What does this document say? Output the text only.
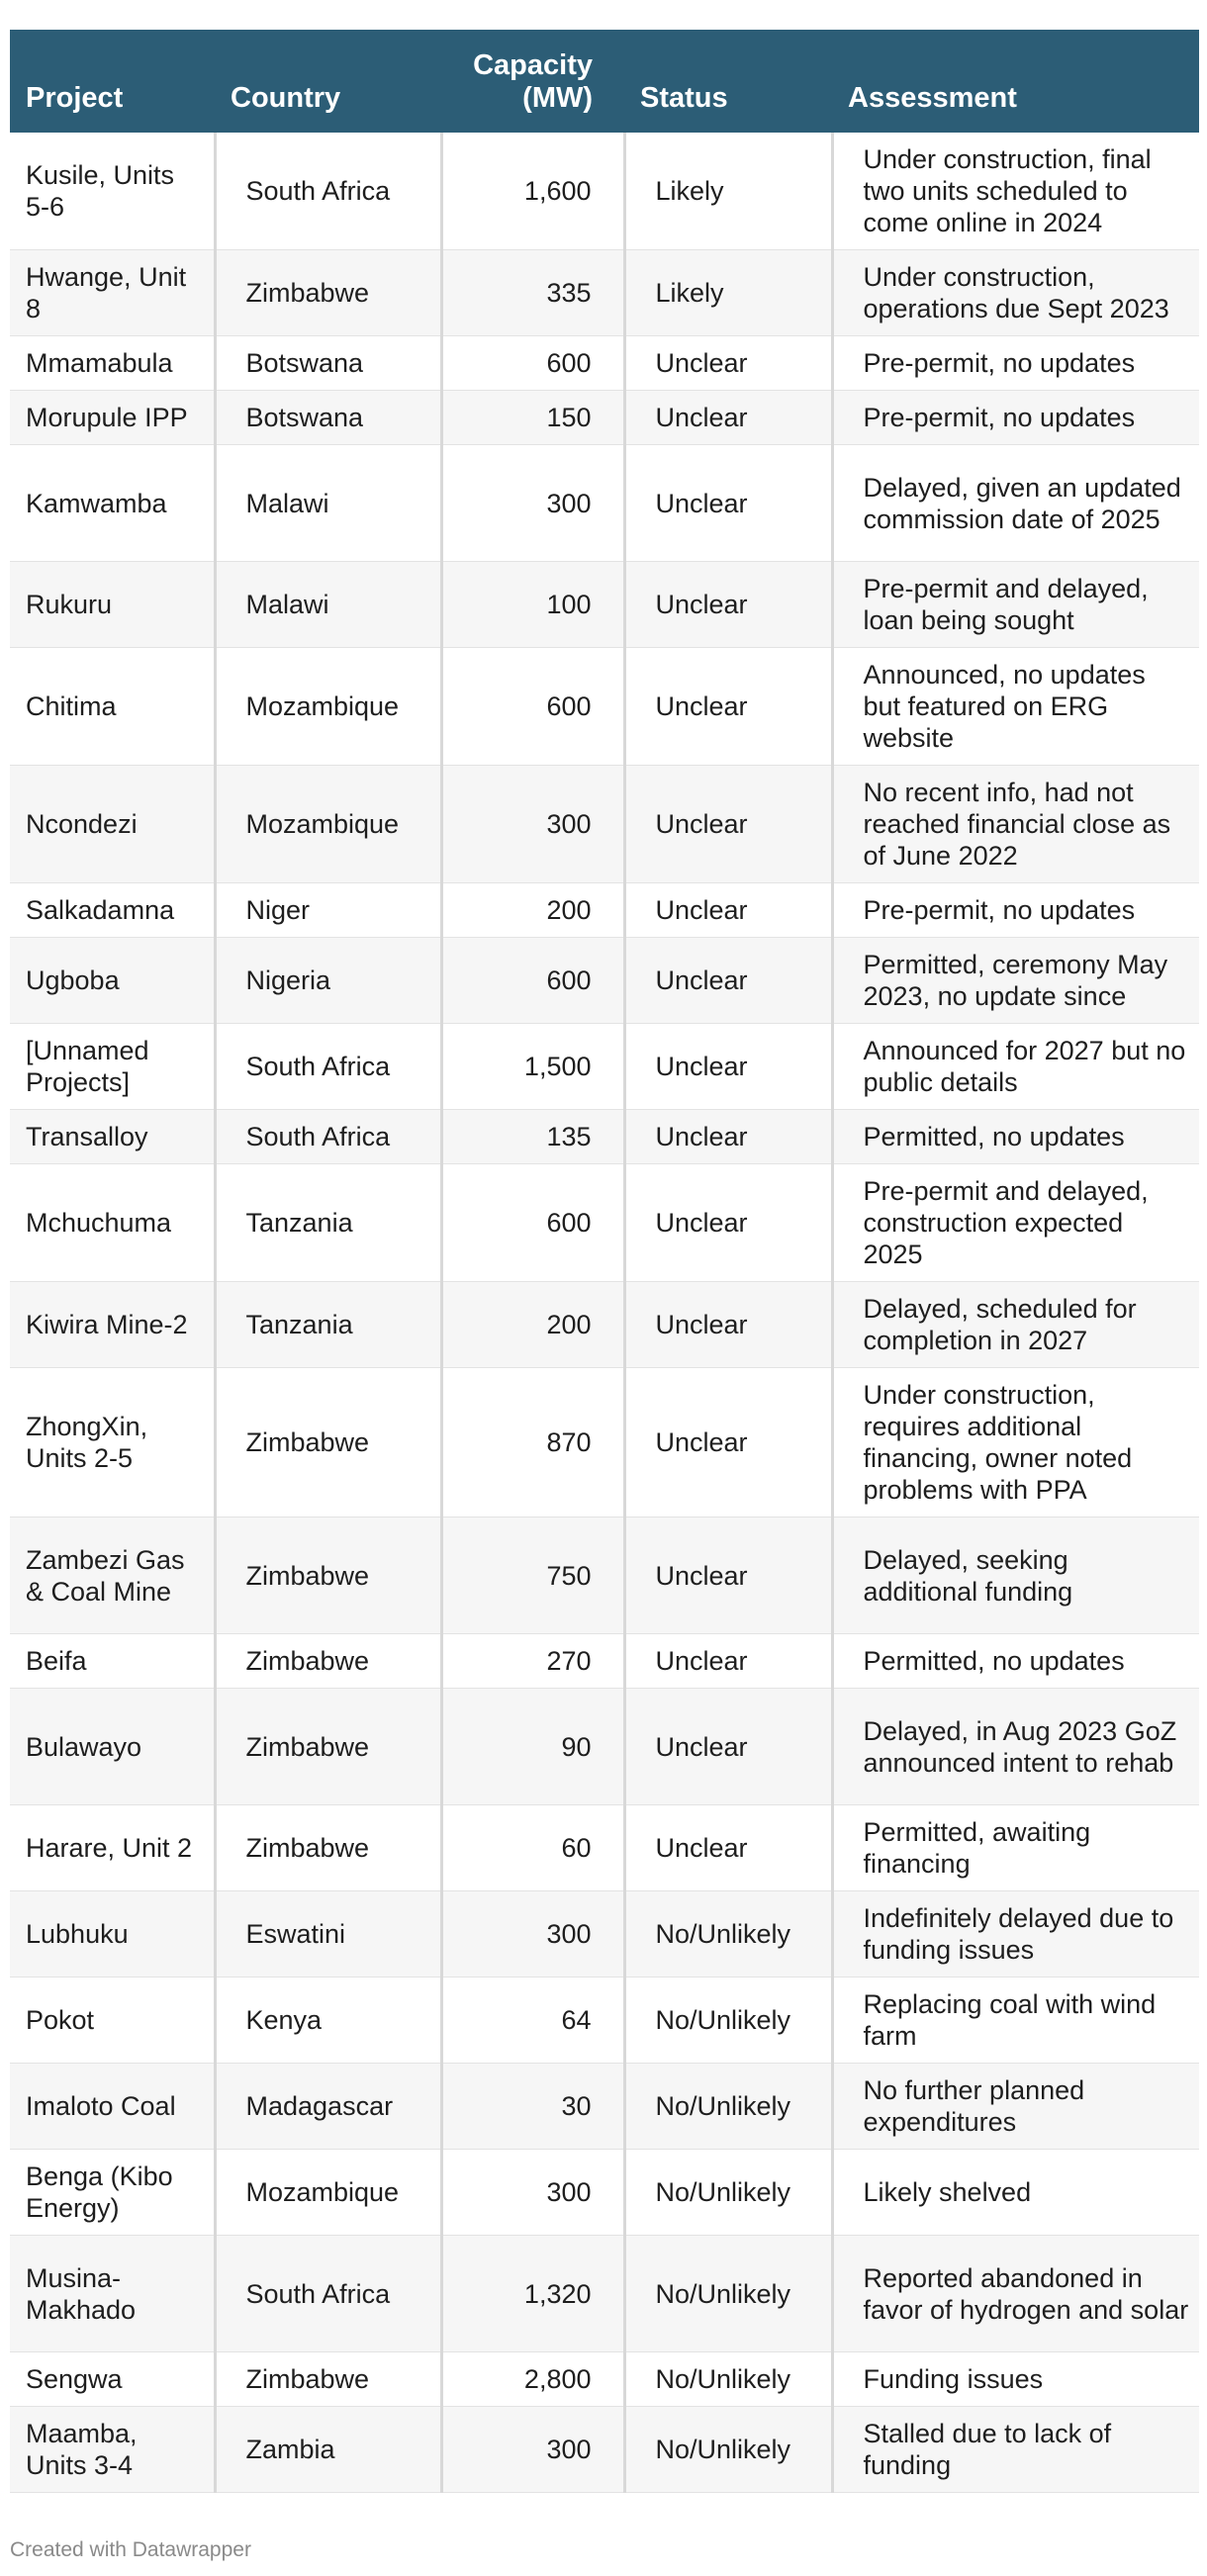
Project	Country	Capacity (MW)	Status	Assessment
Kusile, Units 5-6	South Africa	1,600	Likely	Under construction, final two units scheduled to come online in 2024
Hwange, Unit 8	Zimbabwe	335	Likely	Under construction, operations due Sept 2023
Mmamabula	Botswana	600	Unclear	Pre-permit, no updates
Morupule IPP	Botswana	150	Unclear	Pre-permit, no updates
Kamwamba	Malawi	300	Unclear	Delayed, given an updated commission date of 2025
Rukuru	Malawi	100	Unclear	Pre-permit and delayed, loan being sought
Chitima	Mozambique	600	Unclear	Announced, no updates but featured on ERG website
Ncondezi	Mozambique	300	Unclear	No recent info, had not reached financial close as of June 2022
Salkadamna	Niger	200	Unclear	Pre-permit, no updates
Ugboba	Nigeria	600	Unclear	Permitted, ceremony May 2023, no update since
[Unnamed Projects]	South Africa	1,500	Unclear	Announced for 2027 but no public details
Transalloy	South Africa	135	Unclear	Permitted, no updates
Mchuchuma	Tanzania	600	Unclear	Pre-permit and delayed, construction expected 2025
Kiwira Mine-2	Tanzania	200	Unclear	Delayed, scheduled for completion in 2027
ZhongXin, Units 2-5	Zimbabwe	870	Unclear	Under construction, requires additional financing, owner noted problems with PPA
Zambezi Gas & Coal Mine	Zimbabwe	750	Unclear	Delayed, seeking additional funding
Beifa	Zimbabwe	270	Unclear	Permitted, no updates
Bulawayo	Zimbabwe	90	Unclear	Delayed, in Aug 2023 GoZ announced intent to rehab
Harare, Unit 2	Zimbabwe	60	Unclear	Permitted, awaiting financing
Lubhuku	Eswatini	300	No/Unlikely	Indefinitely delayed due to funding issues
Pokot	Kenya	64	No/Unlikely	Replacing coal with wind farm
Imaloto Coal	Madagascar	30	No/Unlikely	No further planned expenditures
Benga (Kibo Energy)	Mozambique	300	No/Unlikely	Likely shelved
Musina-Makhado	South Africa	1,320	No/Unlikely	Reported abandoned in favor of hydrogen and solar
Sengwa	Zimbabwe	2,800	No/Unlikely	Funding issues
Maamba, Units 3-4	Zambia	300	No/Unlikely	Stalled due to lack of funding
Created with Datawrapper
